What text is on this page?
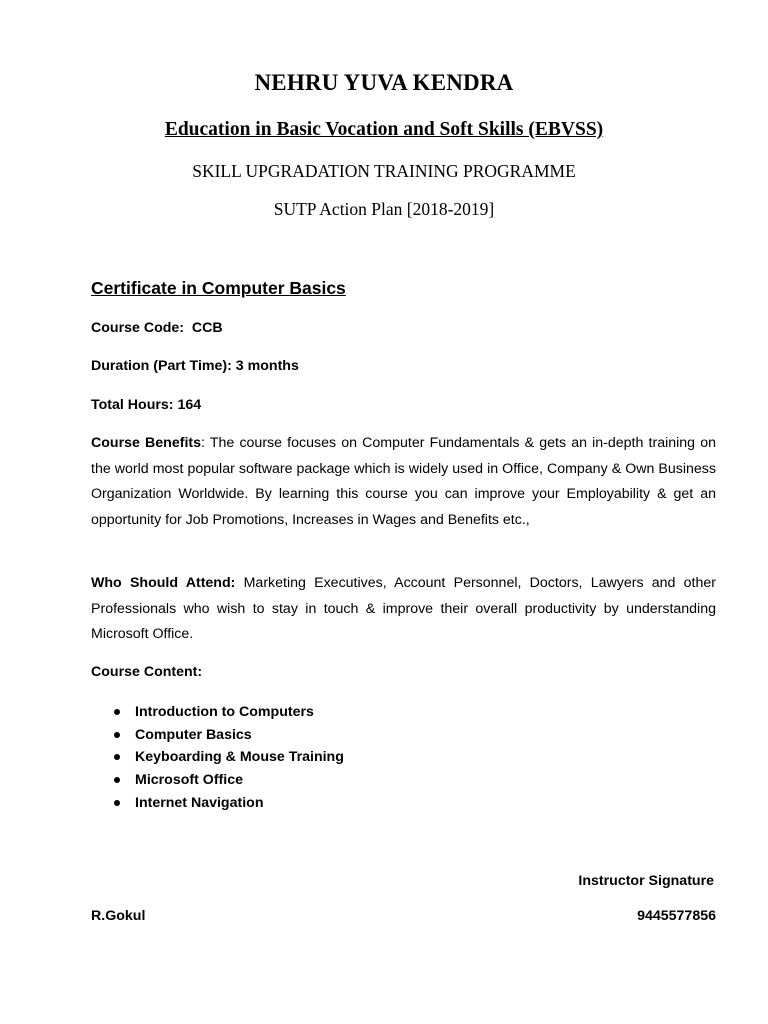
NEHRU YUVA KENDRA
Education in Basic Vocation and Soft Skills (EBVSS)
SKILL UPGRADATION TRAINING PROGRAMME
SUTP Action Plan [2018-2019]
Certificate in Computer Basics
Course Code: CCB
Duration (Part Time): 3 months
Total Hours: 164
Course Benefits: The course focuses on Computer Fundamentals & gets an in-depth training on the world most popular software package which is widely used in Office, Company & Own Business Organization Worldwide. By learning this course you can improve your Employability & get an opportunity for Job Promotions, Increases in Wages and Benefits etc.,
Who Should Attend: Marketing Executives, Account Personnel, Doctors, Lawyers and other Professionals who wish to stay in touch & improve their overall productivity by understanding Microsoft Office.
Course Content:
Introduction to Computers
Computer Basics
Keyboarding & Mouse Training
Microsoft Office
Internet Navigation
Instructor Signature
R.Gokul	9445577856
